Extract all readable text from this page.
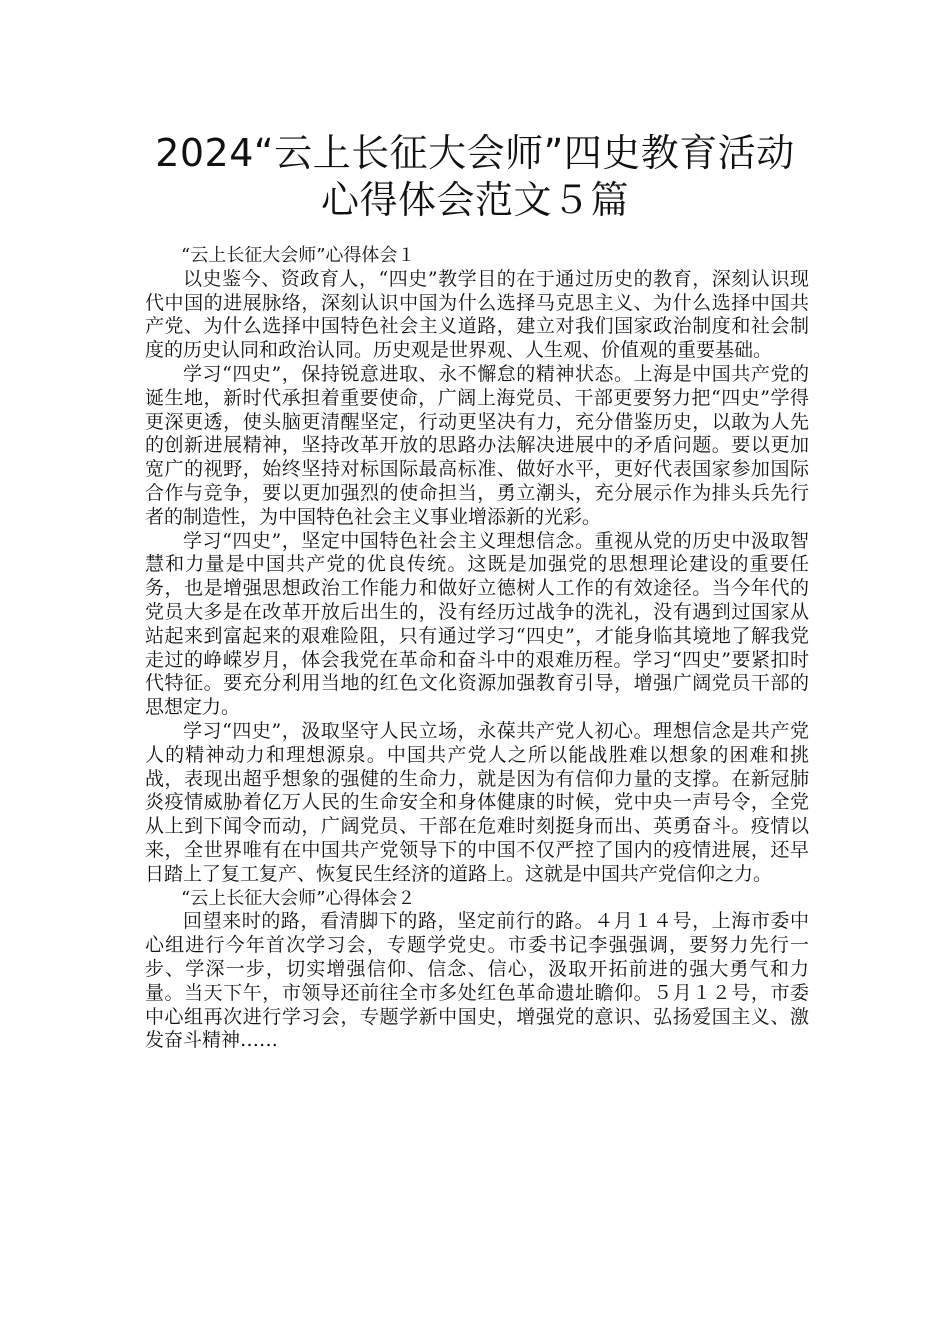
2024“云上长征大会师”四史教育活动
心得体会范文５篇

“云上长征大会师”心得体会１

以史鉴今、资政育人，“四史”教学目的在于通过历史的教育，深刻认识现代中国的进展脉络，深刻认识中国为什么选择马克思主义、为什么选择中国共产党、为什么选择中国特色社会主义道路，建立对我们国家政治制度和社会制度的历史认同和政治认同。历史观是世界观、人生观、价值观的重要基础。

学习“四史”，保持锐意进取、永不懈怠的精神状态。上海是中国共产党的诞生地，新时代承担着重要使命，广阔上海党员、干部更要努力把“四史”学得更深更透，使头脑更清醒坚定，行动更坚决有力，充分借鉴历史，以敢为人先的创新进展精神，坚持改革开放的思路办法解决进展中的矛盾问题。要以更加宽广的视野，始终坚持对标国际最高标准、做好水平，更好代表国家参加国际合作与竞争，要以更加强烈的使命担当，勇立潮头，充分展示作为排头兵先行者的制造性，为中国特色社会主义事业增添新的光彩。

学习“四史”，坚定中国特色社会主义理想信念。重视从党的历史中汲取智慧和力量是中国共产党的优良传统。这既是加强党的思想理论建设的重要任务，也是增强思想政治工作能力和做好立德树人工作的有效途径。当今年代的党员大多是在改革开放后出生的，没有经历过战争的洗礼，没有遇到过国家从站起来到富起来的艰难险阻，只有通过学习“四史”，才能身临其境地了解我党走过的峥嵘岁月，体会我党在革命和奋斗中的艰难历程。学习“四史”要紧扣时代特征。要充分利用当地的红色文化资源加强教育引导，增强广阔党员干部的思想定力。

学习“四史”，汲取坚守人民立场，永葆共产党人初心。理想信念是共产党人的精神动力和理想源泉。中国共产党人之所以能战胜难以想象的困难和挑战，表现出超乎想象的强健的生命力，就是因为有信仰力量的支撑。在新冠肺炎疫情威胁着亿万人民的生命安全和身体健康的时候，党中央一声号令，全党从上到下闻令而动，广阔党员、干部在危难时刻挺身而出、英勇奋斗。疫情以来，全世界唯有在中国共产党领导下的中国不仅严控了国内的疫情进展，还早日踏上了复工复产、恢复民生经济的道路上。这就是中国共产党信仰之力。

“云上长征大会师”心得体会２

回望来时的路，看清脚下的路，坚定前行的路。４月１４号，上海市委中心组进行今年首次学习会，专题学党史。市委书记李强强调，要努力先行一步、学深一步，切实增强信仰、信念、信心，汲取开拓前进的强大勇气和力量。当天下午，市领导还前往全市多处红色革命遗址瞻仰。５月１２号，市委中心组再次进行学习会，专题学新中国史，增强党的意识、弘扬爱国主义、激发奋斗精神……
